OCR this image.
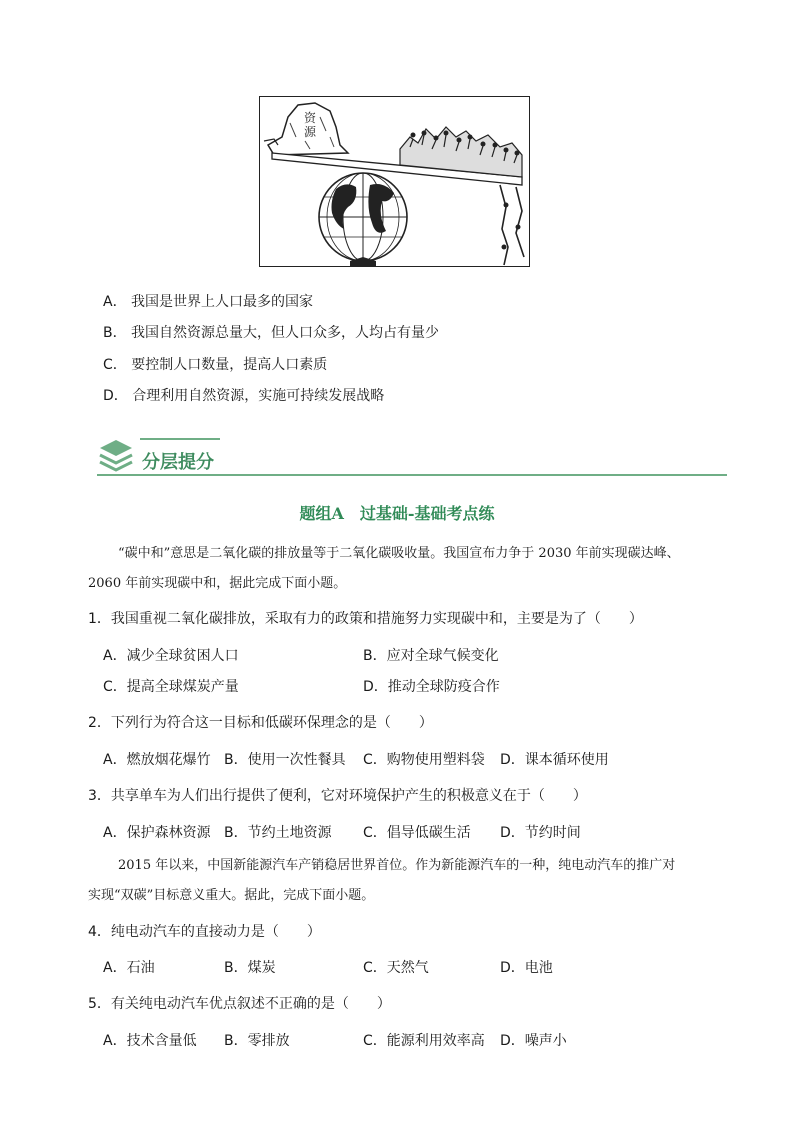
资
源
A． 我国是世界上人口最多的国家
B． 我国自然资源总量大，但人口众多，人均占有量少
C． 要控制人口数量，提高人口素质
D． 合理利用自然资源，实施可持续发展战略
分层提分
题组A　过基础-基础考点练
“碳中和”意思是二氧化碳的排放量等于二氧化碳吸收量。我国宣布力争于 2030 年前实现碳达峰、
2060 年前实现碳中和，据此完成下面小题。
1．我国重视二氧化碳排放，采取有力的政策和措施努力实现碳中和，主要是为了（　　）
A．减少全球贫困人口	B．应对全球气候变化
C．提高全球煤炭产量	D．推动全球防疫合作
2．下列行为符合这一目标和低碳环保理念的是（　　）
A．燃放烟花爆竹 B．使用一次性餐具 C．购物使用塑料袋 D．课本循环使用
3．共享单车为人们出行提供了便利，它对环境保护产生的积极意义在于（　　）
A．保护森林资源 B．节约土地资源 C．倡导低碳生活 D．节约时间
2015 年以来，中国新能源汽车产销稳居世界首位。作为新能源汽车的一种，纯电动汽车的推广对
实现“双碳”目标意义重大。据此，完成下面小题。
4．纯电动汽车的直接动力是（　　）
A．石油	B．煤炭	C．天然气	D．电池
5．有关纯电动汽车优点叙述不正确的是（　　）
A．技术含量低 B．零排放	C．能源利用效率高 D．噪声小
